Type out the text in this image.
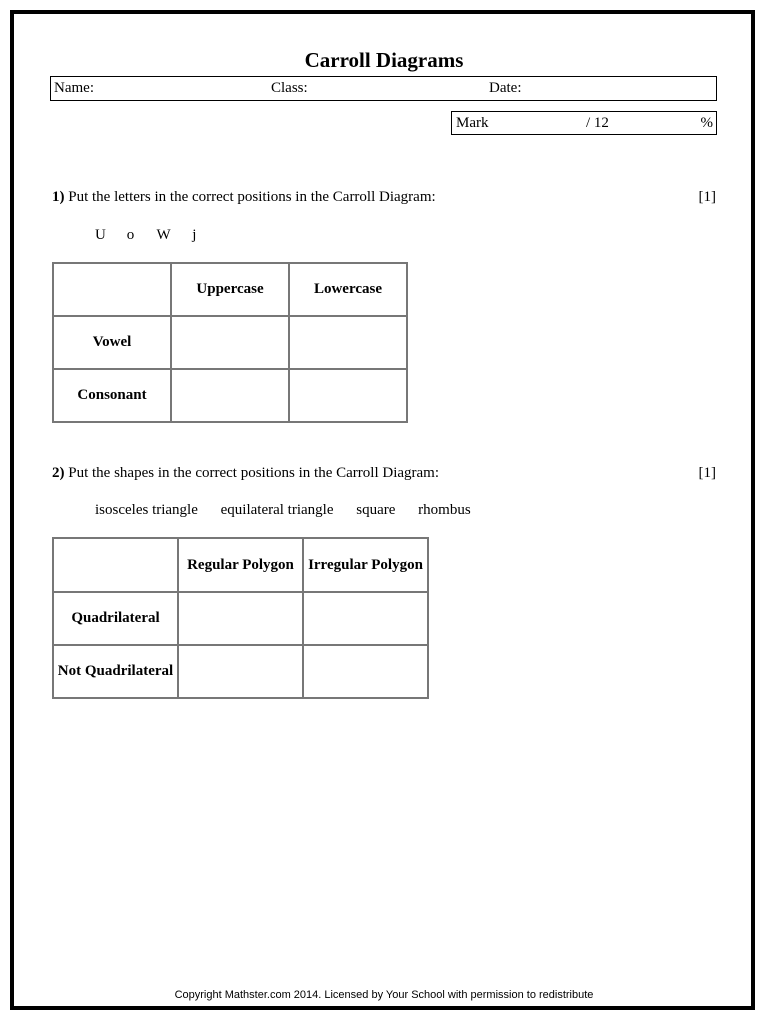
Carroll Diagrams
Name:	Class:	Date:
Mark	/ 12	%
1) Put the letters in the correct positions in the Carroll Diagram:	[1]
U o W j
	Uppercase	Lowercase
Vowel		
Consonant		
2) Put the shapes in the correct positions in the Carroll Diagram:	[1]
isosceles triangle equilateral triangle square rhombus
	Regular Polygon	Irregular Polygon
Quadrilateral		
Not Quadrilateral		
Copyright Mathster.com 2014. Licensed by Your School with permission to redistribute
